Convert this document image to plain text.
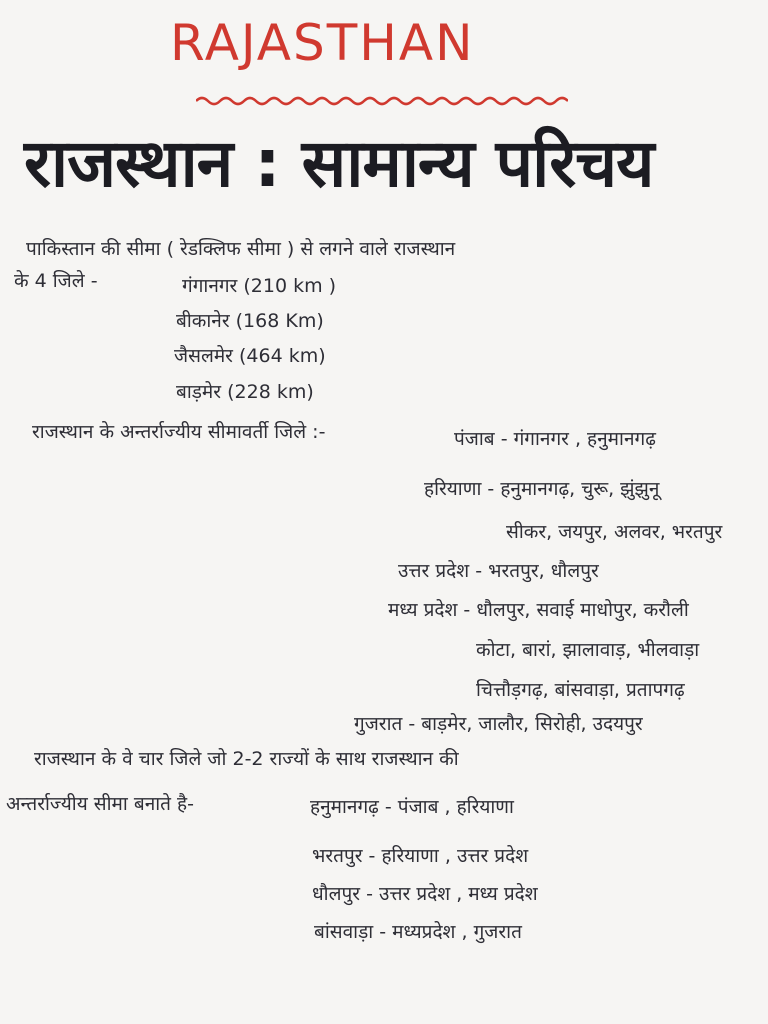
RAJASTHAN
राजस्थान : सामान्य परिचय
पाकिस्तान की सीमा ( रेडक्लिफ सीमा ) से लगने वाले राजस्थान
के 4 जिले -	गंगानगर (210 km )
बीकानेर (168 Km)
जैसलमेर (464 km)
बाड़मेर (228 km)
राजस्थान के अन्तर्राज्यीय सीमावर्ती जिले :-	पंजाब - गंगानगर , हनुमानगढ़
हरियाणा - हनुमानगढ़, चुरू, झुंझुनू
सीकर, जयपुर, अलवर, भरतपुर
उत्तर प्रदेश - भरतपुर, धौलपुर
मध्य प्रदेश - धौलपुर, सवाई माधोपुर, करौली
कोटा, बारां, झालावाड़, भीलवाड़ा
चित्तौड़गढ़, बांसवाड़ा, प्रतापगढ़
गुजरात - बाड़मेर, जालौर, सिरोही, उदयपुर
राजस्थान के वे चार जिले जो 2-2 राज्यों के साथ राजस्थान की
अन्तर्राज्यीय सीमा बनाते है-	हनुमानगढ़ - पंजाब , हरियाणा
भरतपुर - हरियाणा , उत्तर प्रदेश
धौलपुर - उत्तर प्रदेश , मध्य प्रदेश
बांसवाड़ा - मध्यप्रदेश , गुजरात
